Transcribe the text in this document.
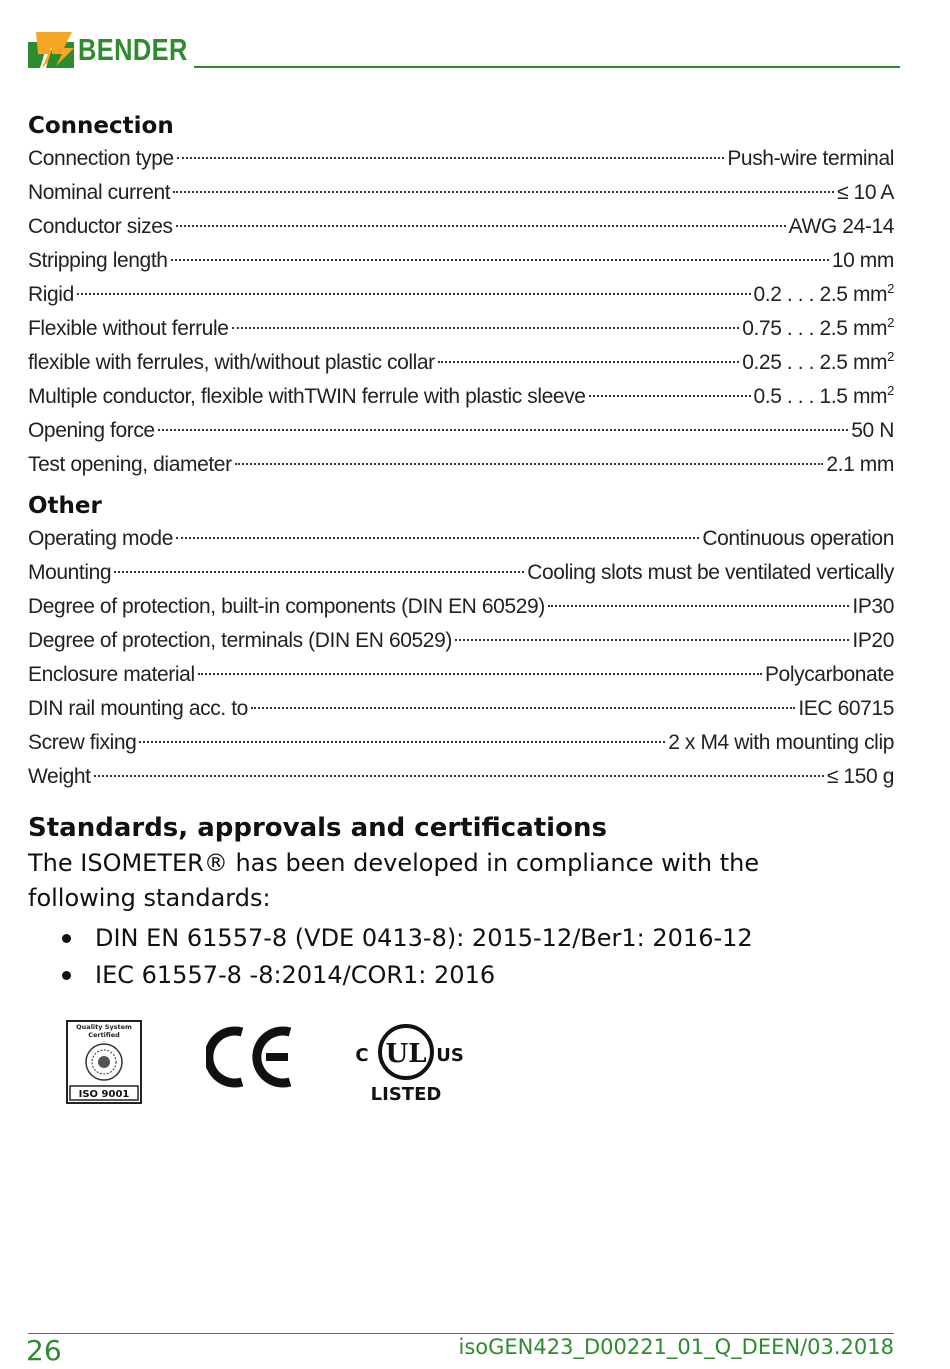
BENDER
Connection
Connection type	Push-wire terminal
Nominal current	≤ 10 A
Conductor sizes	AWG 24-14
Stripping length	10 mm
Rigid	0.2 . . . 2.5 $mm^2$
Flexible without ferrule	0.75 . . . 2.5 $mm^2$
flexible with ferrules, with/without plastic collar	0.25 . . . 2.5 $mm^2$
Multiple conductor, flexible withTWIN ferrule with plastic sleeve	0.5 . . . 1.5 $mm^2$
Opening force	50 N
Test opening, diameter	2.1 mm
Other
Operating mode	Continuous operation
Mounting	Cooling slots must be ventilated vertically
Degree of protection, built-in components (DIN EN 60529)	IP30
Degree of protection, terminals (DIN EN 60529)	IP20
Enclosure material	Polycarbonate
DIN rail mounting acc. to	IEC 60715
Screw fixing	2 x M4 with mounting clip
Weight	≤ 150 g
Standards, approvals and certifications
The ISOMETER® has been developed in compliance with the following standards:
DIN EN 61557-8 (VDE 0413-8): 2015-12/Ber1: 2016-12
IEC 61557-8 -8:2014/COR1: 2016
Quality System
Certified
ISO 9001
UL
C	US
LISTED
26	isoGEN423_D00221_01_Q_DEEN/03.2018
